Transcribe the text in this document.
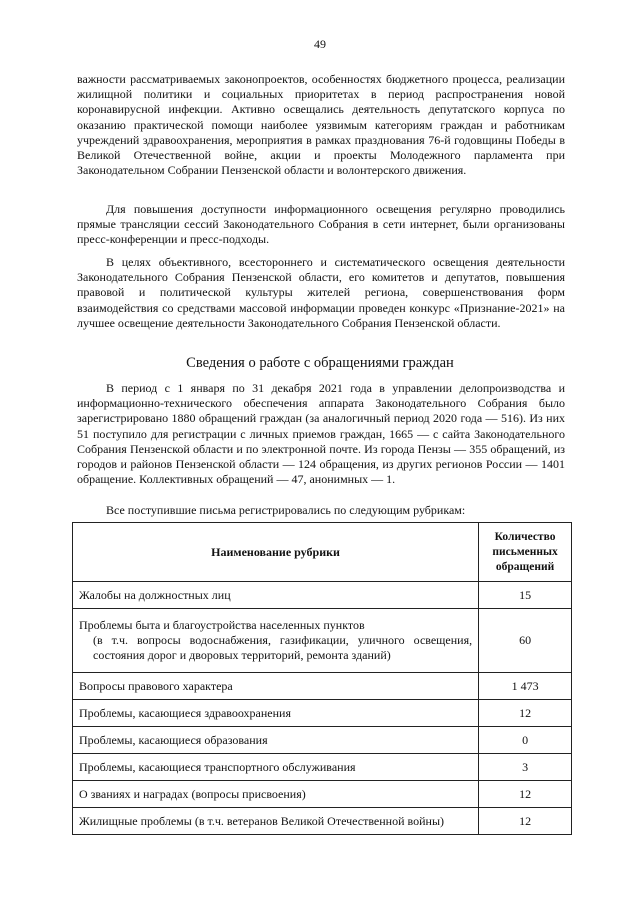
49

важности рассматриваемых законопроектов, особенностях бюджетного процесса, реализации жилищной политики и социальных приоритетах в период распространения новой коронавирусной инфекции. Активно освещались деятельность депутатского корпуса по оказанию практической помощи наиболее уязвимым категориям граждан и работникам учреждений здравоохранения, мероприятия в рамках празднования 76-й годовщины Победы в Великой Отечественной войне, акции и проекты Молодежного парламента при Законодательном Собрании Пензенской области и волонтерского движения.

Для повышения доступности информационного освещения регулярно проводились прямые трансляции сессий Законодательного Собрания в сети интернет, были организованы пресс-конференции и пресс-подходы.

В целях объективного, всестороннего и систематического освещения деятельности Законодательного Собрания Пензенской области, его комитетов и депутатов, повышения правовой и политической культуры жителей региона, совершенствования форм взаимодействия со средствами массовой информации проведен конкурс «Признание-2021» на лучшее освещение деятельности Законодательного Собрания Пензенской области.

Сведения о работе с обращениями граждан

В период с 1 января по 31 декабря 2021 года в управлении делопроизводства и информационно-технического обеспечения аппарата Законодательного Собрания было зарегистрировано 1880 обращений граждан (за аналогичный период 2020 года — 516). Из них 51 поступило для регистрации с личных приемов граждан, 1665 — с сайта Законодательного Собрания Пензенской области и по электронной почте. Из города Пензы — 355 обращений, из городов и районов Пензенской области — 124 обращения, из других регионов России — 1401 обращение. Коллективных обращений — 47, анонимных — 1.

Все поступившие письма регистрировались по следующим рубрикам:

Наименование рубрики	Количество письменных обращений
Жалобы на должностных лиц	15
Проблемы быта и благоустройства населенных пунктов
(в т.ч. вопросы водоснабжения, газификации, уличного освещения, состояния дорог и дворовых территорий, ремонта зданий)	60
Вопросы правового характера	1 473
Проблемы, касающиеся здравоохранения	12
Проблемы, касающиеся образования	0
Проблемы, касающиеся транспортного обслуживания	3
О званиях и наградах (вопросы присвоения)	12
Жилищные проблемы (в т.ч. ветеранов Великой Отечественной войны)	12
